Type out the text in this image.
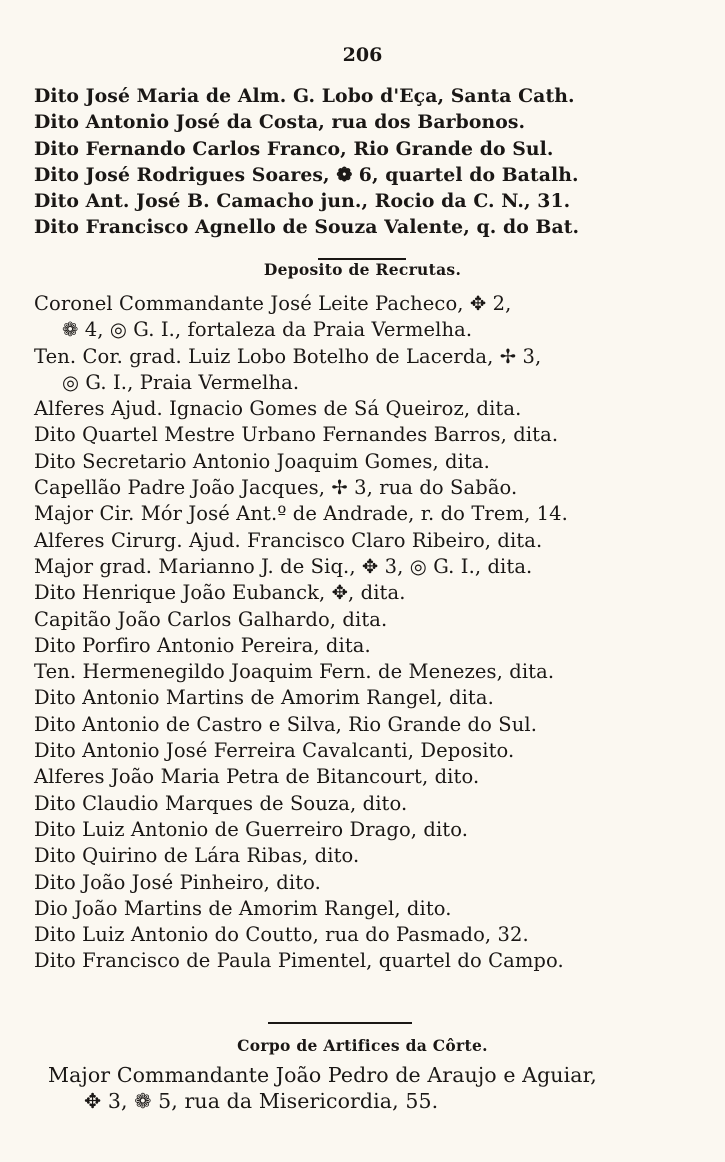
206
Dito José Maria de Alm. G. Lobo d'Eça, Santa Cath.
Dito Antonio José da Costa, rua dos Barbonos.
Dito Fernando Carlos Franco, Rio Grande do Sul.
Dito José Rodrigues Soares, ❁ 6, quartel do Batalh.
Dito Ant. José B. Camacho jun., Rocio da C. N., 31.
Dito Francisco Agnello de Souza Valente, q. do Bat.
Deposito de Recrutas.
Coronel Commandante José Leite Pacheco, ✥ 2,
❁ 4, ◎ G. I., fortaleza da Praia Vermelha.
Ten. Cor. grad. Luiz Lobo Botelho de Lacerda, ✢ 3,
◎ G. I., Praia Vermelha.
Alferes Ajud. Ignacio Gomes de Sá Queiroz, dita.
Dito Quartel Mestre Urbano Fernandes Barros, dita.
Dito Secretario Antonio Joaquim Gomes, dita.
Capellão Padre João Jacques, ✢ 3, rua do Sabão.
Major Cir. Mór José Ant.º de Andrade, r. do Trem, 14.
Alferes Cirurg. Ajud. Francisco Claro Ribeiro, dita.
Major grad. Marianno J. de Siq., ✥ 3, ◎ G. I., dita.
Dito Henrique João Eubanck, ✥, dita.
Capitão João Carlos Galhardo, dita.
Dito Porfiro Antonio Pereira, dita.
Ten. Hermenegildo Joaquim Fern. de Menezes, dita.
Dito Antonio Martins de Amorim Rangel, dita.
Dito Antonio de Castro e Silva, Rio Grande do Sul.
Dito Antonio José Ferreira Cavalcanti, Deposito.
Alferes João Maria Petra de Bitancourt, dito.
Dito Claudio Marques de Souza, dito.
Dito Luiz Antonio de Guerreiro Drago, dito.
Dito Quirino de Lára Ribas, dito.
Dito João José Pinheiro, dito.
Dio João Martins de Amorim Rangel, dito.
Dito Luiz Antonio do Coutto, rua do Pasmado, 32.
Dito Francisco de Paula Pimentel, quartel do Campo.
Corpo de Artifices da Côrte.
Major Commandante João Pedro de Araujo e Aguiar,
✥ 3, ❁ 5, rua da Misericordia, 55.
